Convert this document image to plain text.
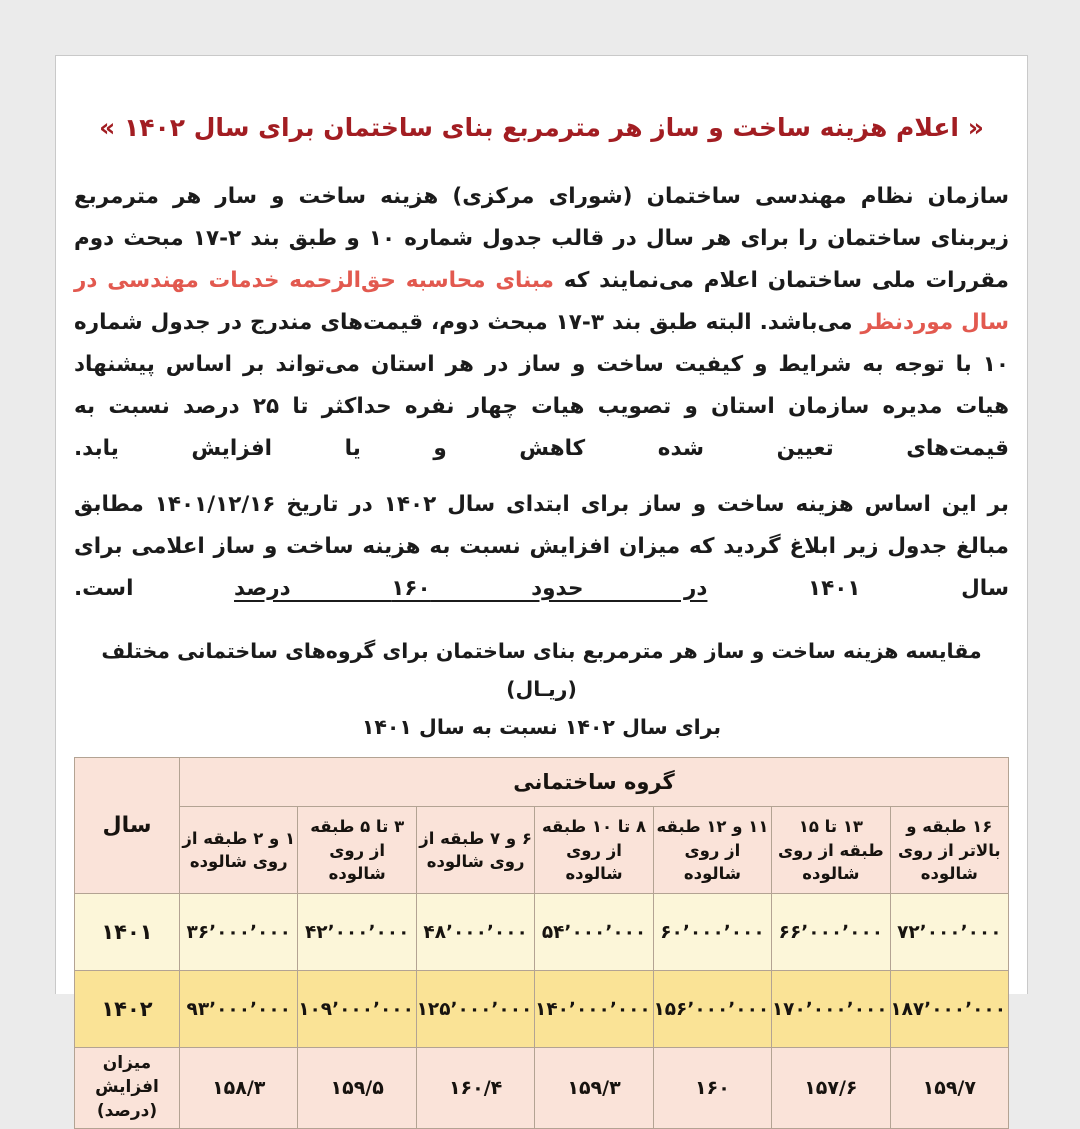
« اعلام هزینه ساخت و ساز هر مترمربع بنای ساختمان برای سال ۱۴۰۲ »

سازمان نظام مهندسی ساختمان (شورای مرکزی) هزینه ساخت و سار هر مترمربع زیربنای ساختمان را برای هر سال در قالب جدول شماره ۱۰ و طبق بند ۲-۱۷ مبحث دوم مقررات ملی ساختمان اعلام می‌نمایند که مبنای محاسبه حق‌الزحمه خدمات مهندسی در سال موردنظر می‌باشد. البته طبق بند ۳-۱۷ مبحث دوم، قیمت‌های مندرج در جدول شماره ۱۰ با توجه به شرایط و کیفیت ساخت و ساز در هر استان می‌تواند بر اساس پیشنهاد هیات مدیره سازمان استان و تصویب هیات چهار نفره حداکثر تا ۲۵ درصد نسبت به قیمت‌های تعیین شده کاهش و یا افزایش یابد.

بر این اساس هزینه ساخت و ساز برای ابتدای سال ۱۴۰۲ در تاریخ ۱۴۰۱/۱۲/۱۶ مطابق مبالغ جدول زیر ابلاغ گردید که میزان افزایش نسبت به هزینه ساخت و ساز اعلامی برای سال ۱۴۰۱ در حدود ۱۶۰ درصد است.

مقایسه هزینه ساخت و ساز هر مترمربع بنای ساختمان برای گروه‌های ساختمانی مختلف (ریـال)
برای سال ۱۴۰۲ نسبت به سال ۱۴۰۱
گروه ساختمانی							سال
۱۶ طبقه و بالاتر از روی شالوده	۱۳ تا ۱۵ طبقه از روی شالوده	۱۱ و ۱۲ طبقه از روی شالوده	۸ تا ۱۰ طبقه از روی شالوده	۶ و ۷ طبقه از روی شالوده	۳ تا ۵ طبقه از روی شالوده	۱ و ۲ طبقه از روی شالوده	
۷۲٬۰۰۰٬۰۰۰	۶۶٬۰۰۰٬۰۰۰	۶۰٬۰۰۰٬۰۰۰	۵۴٬۰۰۰٬۰۰۰	۴۸٬۰۰۰٬۰۰۰	۴۲٬۰۰۰٬۰۰۰	۳۶٬۰۰۰٬۰۰۰	۱۴۰۱
۱۸۷٬۰۰۰٬۰۰۰	۱۷۰٬۰۰۰٬۰۰۰	۱۵۶٬۰۰۰٬۰۰۰	۱۴۰٬۰۰۰٬۰۰۰	۱۲۵٬۰۰۰٬۰۰۰	۱۰۹٬۰۰۰٬۰۰۰	۹۳٬۰۰۰٬۰۰۰	۱۴۰۲
۱۵۹/۷	۱۵۷/۶	۱۶۰	۱۵۹/۳	۱۶۰/۴	۱۵۹/۵	۱۵۸/۳	میزان افزایش (درصد)
